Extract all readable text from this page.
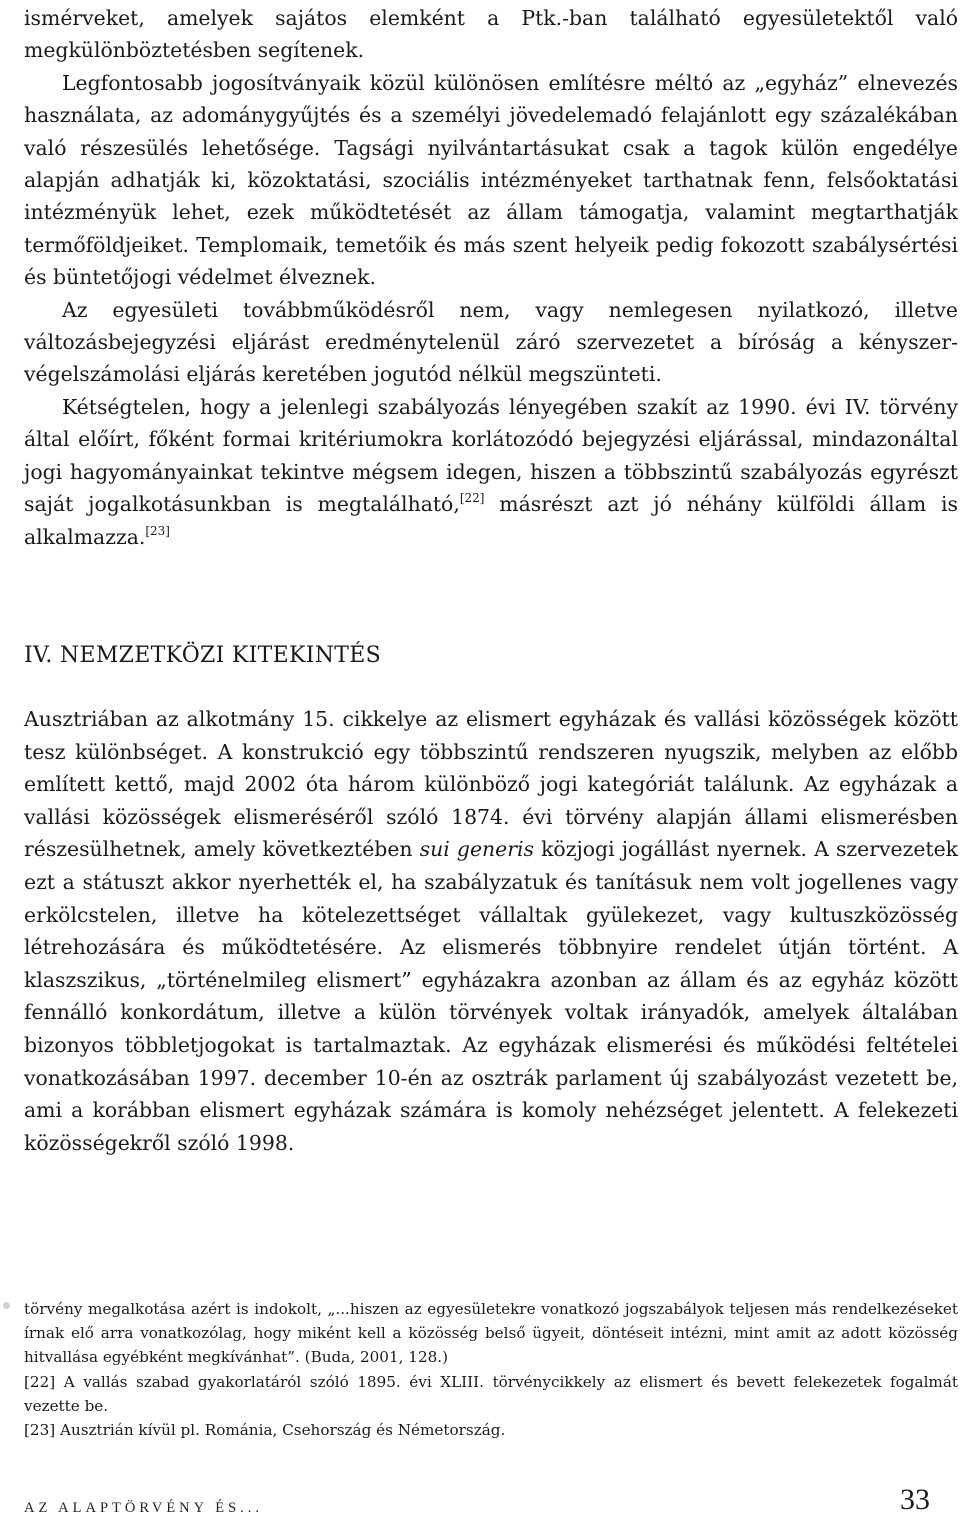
ismérveket, amelyek sajátos elemként a Ptk.-ban található egyesületektől való megkülönböztetésben segítenek.

Legfontosabb jogosítványaik közül különösen említésre méltó az „egyház” elnevezés használata, az adománygyűjtés és a személyi jövedelemadó felajánlott egy százalékában való részesülés lehetősége. Tagsági nyilvántartásukat csak a tagok külön engedélye alapján adhatják ki, közoktatási, szociális intézményeket tarthatnak fenn, felsőoktatási intézményük lehet, ezek működtetését az állam támogatja, valamint megtarthatják termőföldjeiket. Templomaik, temetőik és más szent helyeik pedig fokozott szabálysértési és büntetőjogi védelmet élveznek.

Az egyesületi továbbműködésről nem, vagy nemlegesen nyilatkozó, illetve változásbejegyzési eljárást eredménytelenül záró szervezetet a bíróság a kényszer-végelszámolási eljárás keretében jogutód nélkül megszünteti.

Kétségtelen, hogy a jelenlegi szabályozás lényegében szakít az 1990. évi IV. törvény által előírt, főként formai kritériumokra korlátozódó bejegyzési eljárással, mindazonáltal jogi hagyományainkat tekintve mégsem idegen, hiszen a többszintű szabályozás egyrészt saját jogalkotásunkban is megtalálható,[22] másrészt azt jó néhány külföldi állam is alkalmazza.[23]

IV. NEMZETKÖZI KITEKINTÉS

Ausztriában az alkotmány 15. cikkelye az elismert egyházak és vallási közösségek között tesz különbséget. A konstrukció egy többszintű rendszeren nyugszik, melyben az előbb említett kettő, majd 2002 óta három különböző jogi kategóriát találunk. Az egyházak a vallási közösségek elismeréséről szóló 1874. évi törvény alapján állami elismerésben részesülhetnek, amely következtében sui generis közjogi jogállást nyernek. A szervezetek ezt a státuszt akkor nyerhették el, ha szabályzatuk és tanításuk nem volt jogellenes vagy erkölcstelen, illetve ha kötelezettséget vállaltak gyülekezet, vagy kultuszközösség létrehozására és működtetésére. Az elismerés többnyire rendelet útján történt. A klaszszikus, „történelmileg elismert” egyházakra azonban az állam és az egyház között fennálló konkordátum, illetve a külön törvények voltak irányadók, amelyek általában bizonyos többletjogokat is tartalmaztak. Az egyházak elismerési és működési feltételei vonatkozásában 1997. december 10-én az osztrák parlament új szabályozást vezetett be, ami a korábban elismert egyházak számára is komoly nehézséget jelentett. A felekezeti közösségekről szóló 1998.

törvény megalkotása azért is indokolt, „...hiszen az egyesületekre vonatkozó jogszabályok teljesen más rendelkezéseket írnak elő arra vonatkozólag, hogy miként kell a közösség belső ügyeit, döntéseit intézni, mint amit az adott közösség hitvallása egyébként megkívánhat”. (Buda, 2001, 128.)

[22] A vallás szabad gyakorlatáról szóló 1895. évi XLIII. törvénycikkely az elismert és bevett felekezetek fogalmát vezette be.

[23] Ausztrián kívül pl. Románia, Csehország és Németország.

AZ ALAPTÖRVÉNY ÉS...	33
